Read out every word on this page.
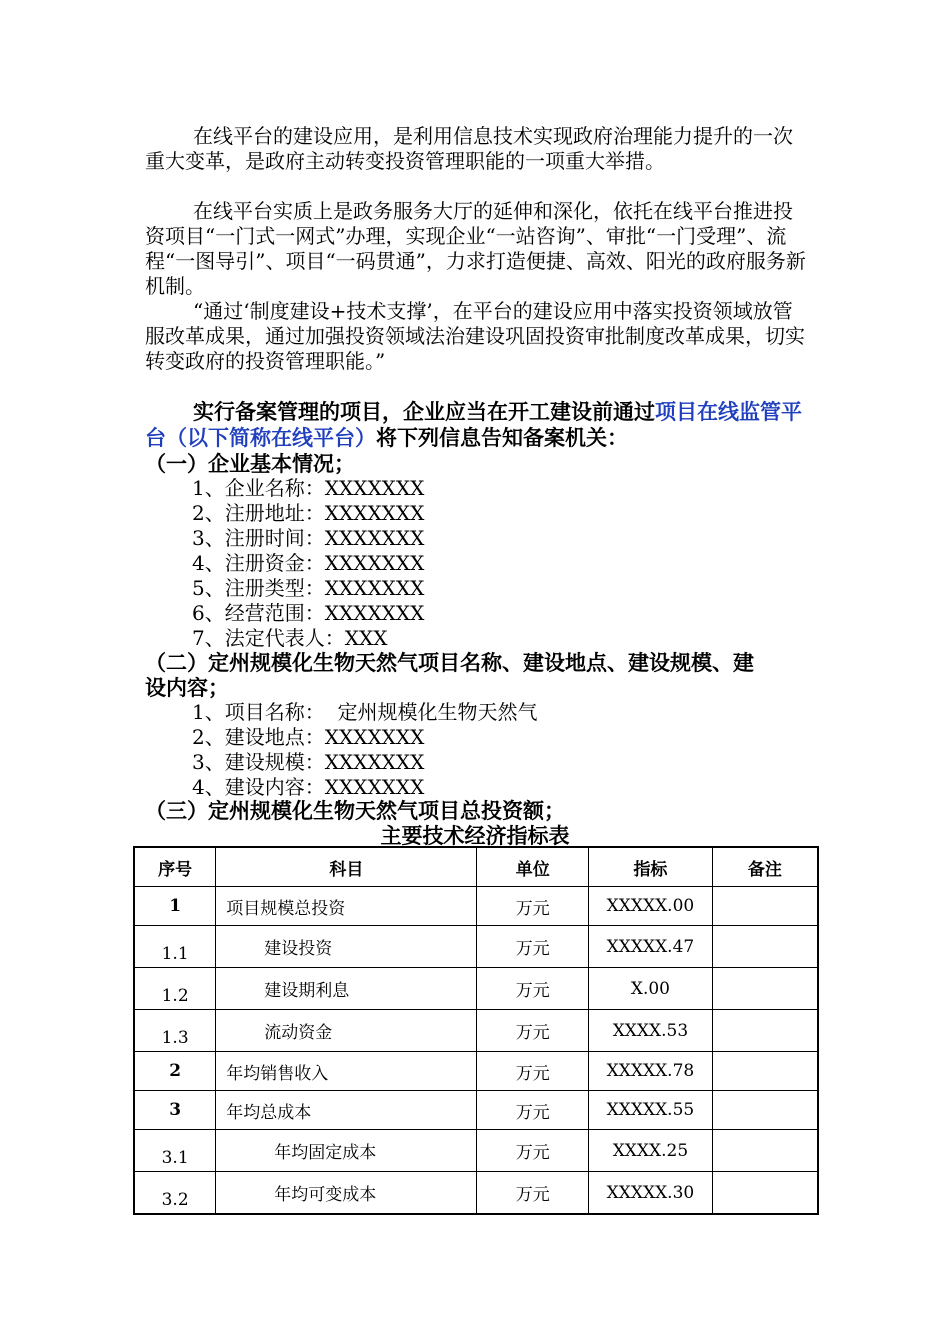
在线平台的建设应用，是利用信息技术实现政府治理能力提升的一次重大变革，是政府主动转变投资管理职能的一项重大举措。

在线平台实质上是政务服务大厅的延伸和深化，依托在线平台推进投资项目“一门式一网式”办理，实现企业“一站咨询”、审批“一门受理”、流程“一图导引”、项目“一码贯通”，力求打造便捷、高效、阳光的政府服务新机制。

“通过‘制度建设+技术支撑’，在平台的建设应用中落实投资领域放管服改革成果，通过加强投资领域法治建设巩固投资审批制度改革成果，切实转变政府的投资管理职能。”

实行备案管理的项目，企业应当在开工建设前通过项目在线监管平台（以下简称在线平台）将下列信息告知备案机关：

（一）企业基本情况；
1、企业名称：XXXXXXX
2、注册地址：XXXXXXX
3、注册时间：XXXXXXX
4、注册资金：XXXXXXX
5、注册类型：XXXXXXX
6、经营范围：XXXXXXX
7、法定代表人：XXX
（二）定州规模化生物天然气项目名称、建设地点、建设规模、建
设内容；
1、项目名称：  定州规模化生物天然气
2、建设地点：XXXXXXX
3、建设规模：XXXXXXX
4、建设内容：XXXXXXX
（三）定州规模化生物天然气项目总投资额；
主要技术经济指标表
序号	科目	单位	指标	备注
1	项目规模总投资	万元	XXXXX.00	
1.1	建设投资	万元	XXXXX.47	
1.2	建设期利息	万元	X.00	
1.3	流动资金	万元	XXXX.53	
2	年均销售收入	万元	XXXXX.78	
3	年均总成本	万元	XXXXX.55	
3.1	年均固定成本	万元	XXXX.25	
3.2	年均可变成本	万元	XXXXX.30	
